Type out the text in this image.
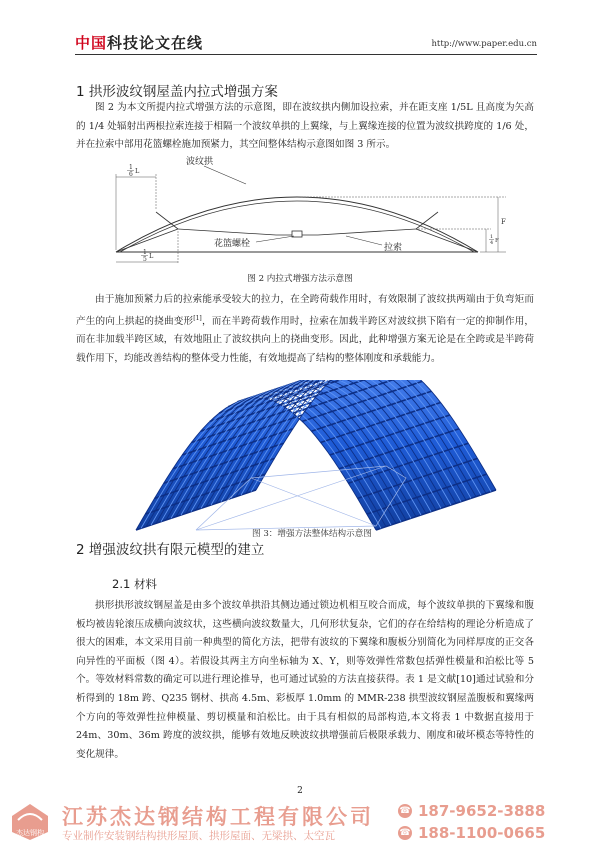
中国科技论文在线	http://www.paper.edu.cn
1 拱形波纹钢屋盖内拉式增强方案
图 2 为本文所提内拉式增强方法的示意图，即在波纹拱内侧加设拉索，并在距支座 1/5L 且高度为矢高的 1/4 处辐射出两根拉索连接于相隔一个波纹单拱的上翼缘，与上翼缘连接的位置为波纹拱跨度的 1/6 处，并在拉索中部用花篮螺栓施加预紧力，其空间整体结构示意图如图 3 所示。
波纹拱
花篮螺栓	拉索
1
6 L
1
5 L
F
1
4 F
图 2 内拉式增强方法示意图
由于施加预紧力后的拉索能承受较大的拉力，在全跨荷载作用时，有效限制了波纹拱两端由于负弯矩而产生的向上拱起的挠曲变形[1]，而在半跨荷载作用时，拉索在加载半跨区对波纹拱下陷有一定的抑制作用，而在非加载半跨区域，有效地阻止了波纹拱向上的挠曲变形。因此，此种增强方案无论是在全跨或是半跨荷载作用下，均能改善结构的整体受力性能，有效地提高了结构的整体刚度和承载能力。
图 3：增强方法整体结构示意图
2 增强波纹拱有限元模型的建立
2.1 材料
拱形拱形波纹钢屋盖是由多个波纹单拱沿其侧边通过锁边机相互咬合而成，每个波纹单拱的下翼缘和腹板均被齿轮滚压成横向波纹状，这些横向波纹数量大，几何形状复杂，它们的存在给结构的理论分析造成了很大的困难，本文采用目前一种典型的简化方法，把带有波纹的下翼缘和腹板分别简化为同样厚度的正交各向异性的平面板（图 4）。若假设其两主方向坐标轴为 X、Y，则等效弹性常数包括弹性模量和泊松比等 5 个。等效材料常数的确定可以进行理论推导，也可通过试验的方法直接获得。表 1 是文献[10]通过试验和分析得到的 18m 跨、Q235 钢材、拱高 4.5m、彩板厚 1.0mm 的 MMR-238 拱型波纹钢屋盖腹板和翼缘两个方向的等效弹性拉伸模量、剪切模量和泊松比。由于具有相似的局部构造,本文将表 1 中数据直接用于 24m、30m、36m 跨度的波纹拱，能够有效地反映波纹拱增强前后极限承载力、刚度和破坏模态等特性的变化规律。
2
杰达钢构
江苏杰达钢结构工程有限公司
专业制作安装钢结构拱形屋顶、拱形屋面、无梁拱、太空瓦
☎ 187-9652-3888
☎ 188-1100-0665
